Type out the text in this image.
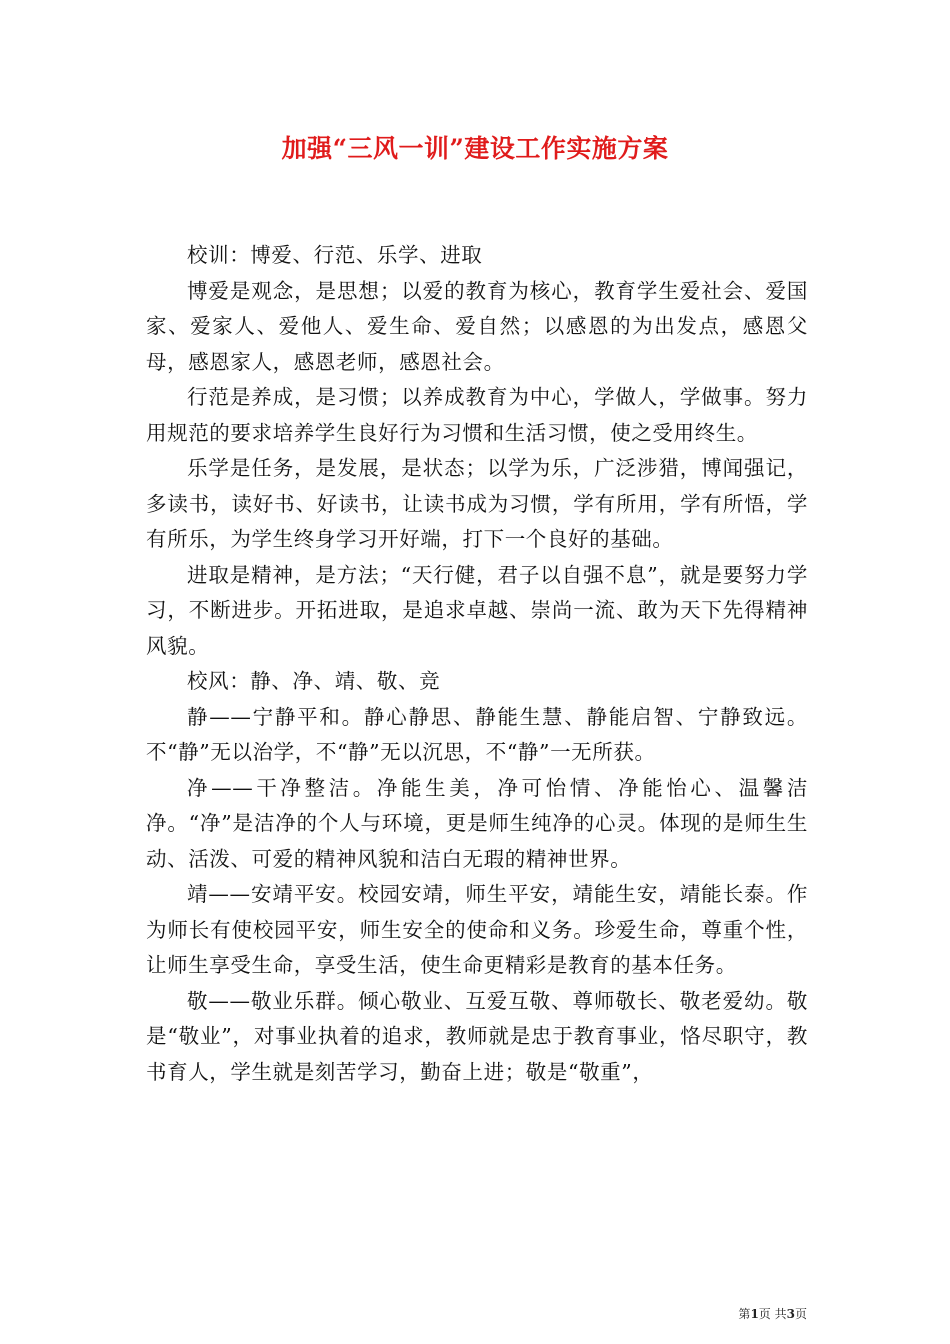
加强“三风一训”建设工作实施方案

校训：博爱、行范、乐学、进取

博爱是观念，是思想；以爱的教育为核心，教育学生爱社会、爱国家、爱家人、爱他人、爱生命、爱自然；以感恩的为出发点，感恩父母，感恩家人，感恩老师，感恩社会。

行范是养成，是习惯；以养成教育为中心，学做人，学做事。努力用规范的要求培养学生良好行为习惯和生活习惯，使之受用终生。

乐学是任务，是发展，是状态；以学为乐，广泛涉猎，博闻强记，多读书，读好书、好读书，让读书成为习惯，学有所用，学有所悟，学有所乐，为学生终身学习开好端，打下一个良好的基础。

进取是精神，是方法；“天行健，君子以自强不息”，就是要努力学习，不断进步。开拓进取，是追求卓越、崇尚一流、敢为天下先得精神风貌。

校风：静、净、靖、敬、竞

静——宁静平和。静心静思、静能生慧、静能启智、宁静致远。不“静”无以治学，不“静”无以沉思，不“静”一无所获。

净——干净整洁。净能生美，净可怡情、净能怡心、温馨洁净。“净”是洁净的个人与环境，更是师生纯净的心灵。体现的是师生生动、活泼、可爱的精神风貌和洁白无瑕的精神世界。

靖——安靖平安。校园安靖，师生平安，靖能生安，靖能长泰。作为师长有使校园平安，师生安全的使命和义务。珍爱生命，尊重个性，让师生享受生命，享受生活，使生命更精彩是教育的基本任务。

敬——敬业乐群。倾心敬业、互爱互敬、尊师敬长、敬老爱幼。敬是“敬业”，对事业执着的追求，教师就是忠于教育事业，恪尽职守，教书育人，学生就是刻苦学习，勤奋上进；敬是“敬重”，

第1页 共3页
